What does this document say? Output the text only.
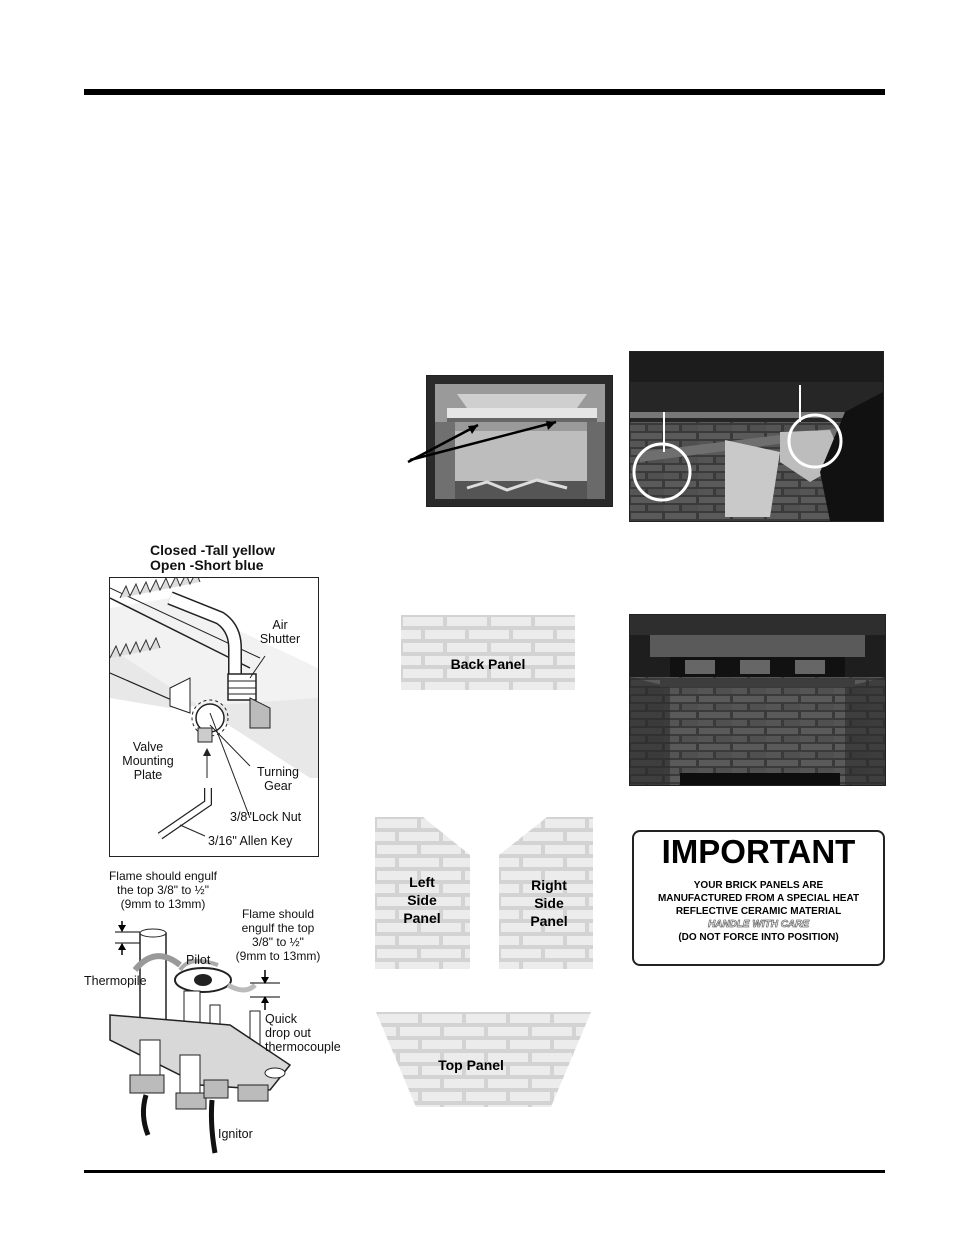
Closed -Tall yellow
Open -Short blue
Air
Shutter
Valve
Mounting
Plate	Turning
Gear
3/8"Lock Nut
3/16" Allen Key
Flame should engulf
the top 3/8" to ½"
(9mm to 13mm)
Flame should
engulf the top
3/8" to ½"
(9mm to 13mm)
Pilot
Thermopile
Quick
drop out
thermocouple
Ignitor
Back Panel
Left
Side
Panel
Right
Side
Panel
Top Panel
IMPORTANT
YOUR BRICK PANELS ARE
MANUFACTURED FROM A SPECIAL HEAT
REFLECTIVE CERAMIC MATERIAL
HANDLE WITH CARE
(DO NOT FORCE INTO POSITION)
